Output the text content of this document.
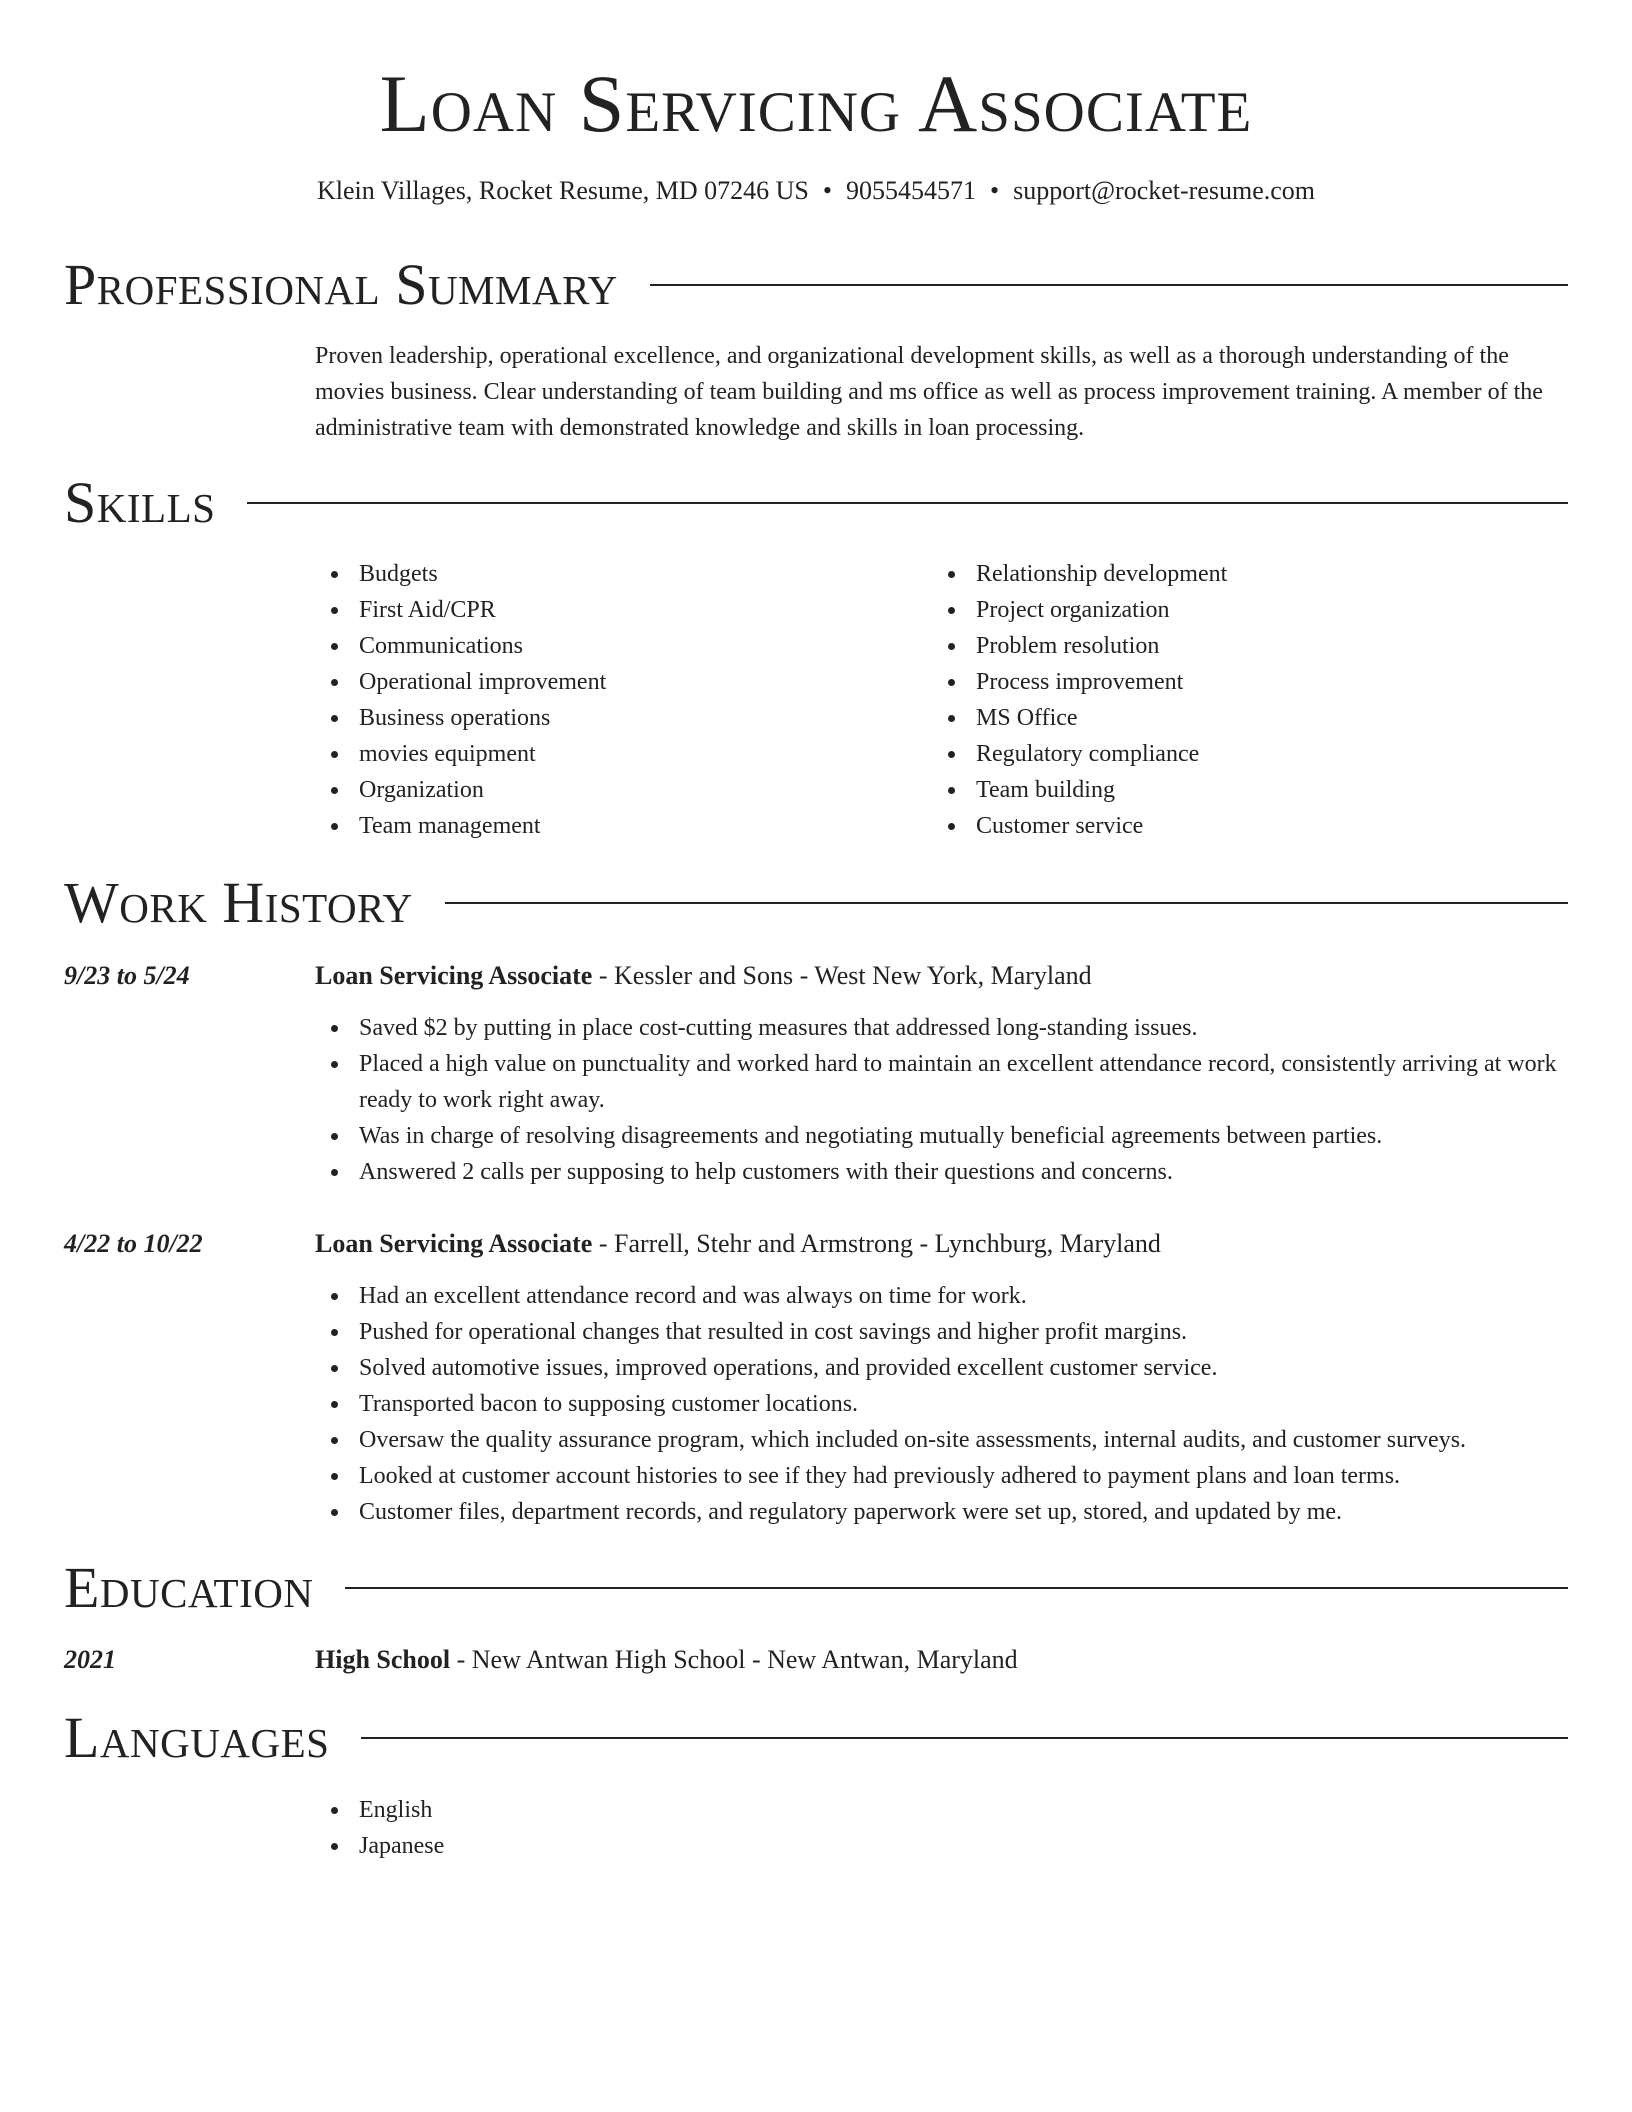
Loan Servicing Associate
Klein Villages, Rocket Resume, MD 07246 US • 9055454571 • support@rocket-resume.com
Professional Summary
Proven leadership, operational excellence, and organizational development skills, as well as a thorough understanding of the movies business. Clear understanding of team building and ms office as well as process improvement training. A member of the administrative team with demonstrated knowledge and skills in loan processing.
Skills
Budgets
First Aid/CPR
Communications
Operational improvement
Business operations
movies equipment
Organization
Team management
Relationship development
Project organization
Problem resolution
Process improvement
MS Office
Regulatory compliance
Team building
Customer service
Work History
9/23 to 5/24	Loan Servicing Associate - Kessler and Sons - West New York, Maryland
Saved $2 by putting in place cost-cutting measures that addressed long-standing issues.
Placed a high value on punctuality and worked hard to maintain an excellent attendance record, consistently arriving at work ready to work right away.
Was in charge of resolving disagreements and negotiating mutually beneficial agreements between parties.
Answered 2 calls per supposing to help customers with their questions and concerns.
4/22 to 10/22	Loan Servicing Associate - Farrell, Stehr and Armstrong - Lynchburg, Maryland
Had an excellent attendance record and was always on time for work.
Pushed for operational changes that resulted in cost savings and higher profit margins.
Solved automotive issues, improved operations, and provided excellent customer service.
Transported bacon to supposing customer locations.
Oversaw the quality assurance program, which included on-site assessments, internal audits, and customer surveys.
Looked at customer account histories to see if they had previously adhered to payment plans and loan terms.
Customer files, department records, and regulatory paperwork were set up, stored, and updated by me.
Education
2021	High School - New Antwan High School - New Antwan, Maryland
Languages
English
Japanese
